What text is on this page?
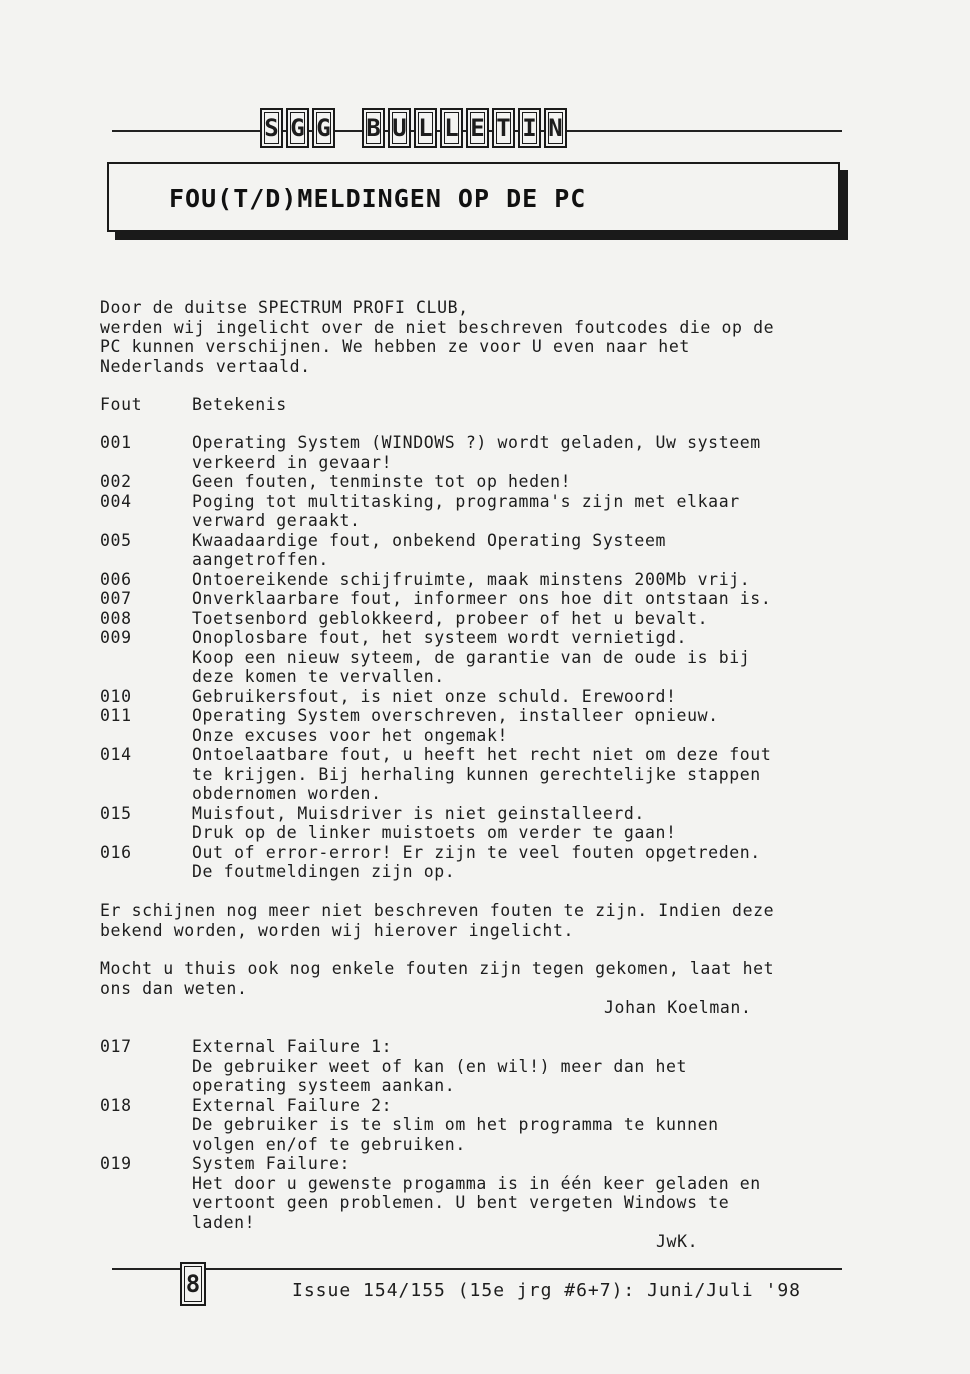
S G G B U L L E T I N
FOU(T/D)MELDINGEN OP DE PC
Door de duitse SPECTRUM PROFI CLUB,
werden wij ingelicht over de niet beschreven foutcodes die op de
PC kunnen verschijnen. We hebben ze voor U even naar het
Nederlands vertaald.
Fout	Betekenis
001	Operating System (WINDOWS ?) wordt geladen, Uw systeem
verkeerd in gevaar!
002	Geen fouten, tenminste tot op heden!
004	Poging tot multitasking, programma's zijn met elkaar
verward geraakt.
005	Kwaadaardige fout, onbekend Operating Systeem
aangetroffen.
006	Ontoereikende schijfruimte, maak minstens 200Mb vrij.
007	Onverklaarbare fout, informeer ons hoe dit ontstaan is.
008	Toetsenbord geblokkeerd, probeer of het u bevalt.
009	Onoplosbare fout, het systeem wordt vernietigd.
Koop een nieuw syteem, de garantie van de oude is bij
deze komen te vervallen.
010	Gebruikersfout, is niet onze schuld. Erewoord!
011	Operating System overschreven, installeer opnieuw.
Onze excuses voor het ongemak!
014	Ontoelaatbare fout, u heeft het recht niet om deze fout
te krijgen. Bij herhaling kunnen gerechtelijke stappen
obdernomen worden.
015	Muisfout, Muisdriver is niet geinstalleerd.
Druk op de linker muistoets om verder te gaan!
016	Out of error-error! Er zijn te veel fouten opgetreden.
De foutmeldingen zijn op.
Er schijnen nog meer niet beschreven fouten te zijn. Indien deze
bekend worden, worden wij hierover ingelicht.
Mocht u thuis ook nog enkele fouten zijn tegen gekomen, laat het
ons dan weten.
Johan Koelman.
017	External Failure 1:
De gebruiker weet of kan (en wil!) meer dan het
operating systeem aankan.
018	External Failure 2:
De gebruiker is te slim om het programma te kunnen
volgen en/of te gebruiken.
019	System Failure:
Het door u gewenste progamma is in één keer geladen en
vertoont geen problemen. U bent vergeten Windows te
laden!
JwK.
8	Issue 154/155 (15e jrg #6+7): Juni/Juli '98
